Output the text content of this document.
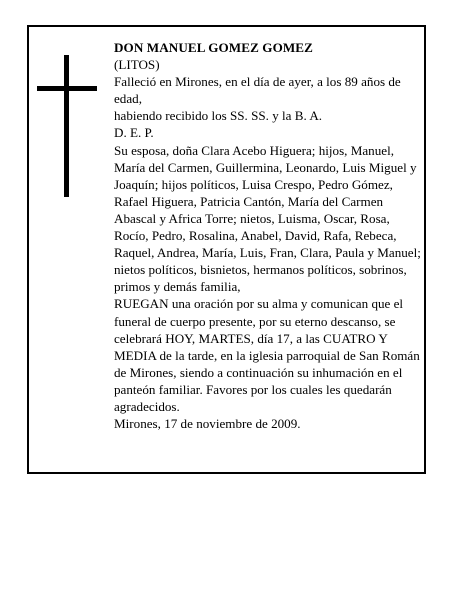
DON MANUEL GOMEZ GOMEZ

(LITOS)

Falleció en Mirones, en el día de ayer, a los 89 años de edad,

habiendo recibido los SS. SS. y la B. A.

D. E. P.

Su esposa, doña Clara Acebo Higuera; hijos, Manuel, María del Carmen, Guillermina, Leonardo, Luis Miguel y Joaquín; hijos políticos, Luisa Crespo, Pedro Gómez, Rafael Higuera, Patricia Cantón, María del Carmen Abascal y Africa Torre; nietos, Luisma, Oscar, Rosa, Rocío, Pedro, Rosalina, Anabel, David, Rafa, Rebeca, Raquel, Andrea, María, Luis, Fran, Clara, Paula y Manuel; nietos políticos, bisnietos, hermanos políticos, sobrinos, primos y demás familia,

RUEGAN una oración por su alma y comunican que el funeral de cuerpo presente, por su eterno descanso, se celebrará HOY, MARTES, día 17, a las CUATRO Y MEDIA de la tarde, en la iglesia parroquial de San Román de Mirones, siendo a continuación su inhumación en el panteón familiar. Favores por los cuales les quedarán agradecidos.

Mirones, 17 de noviembre de 2009.
